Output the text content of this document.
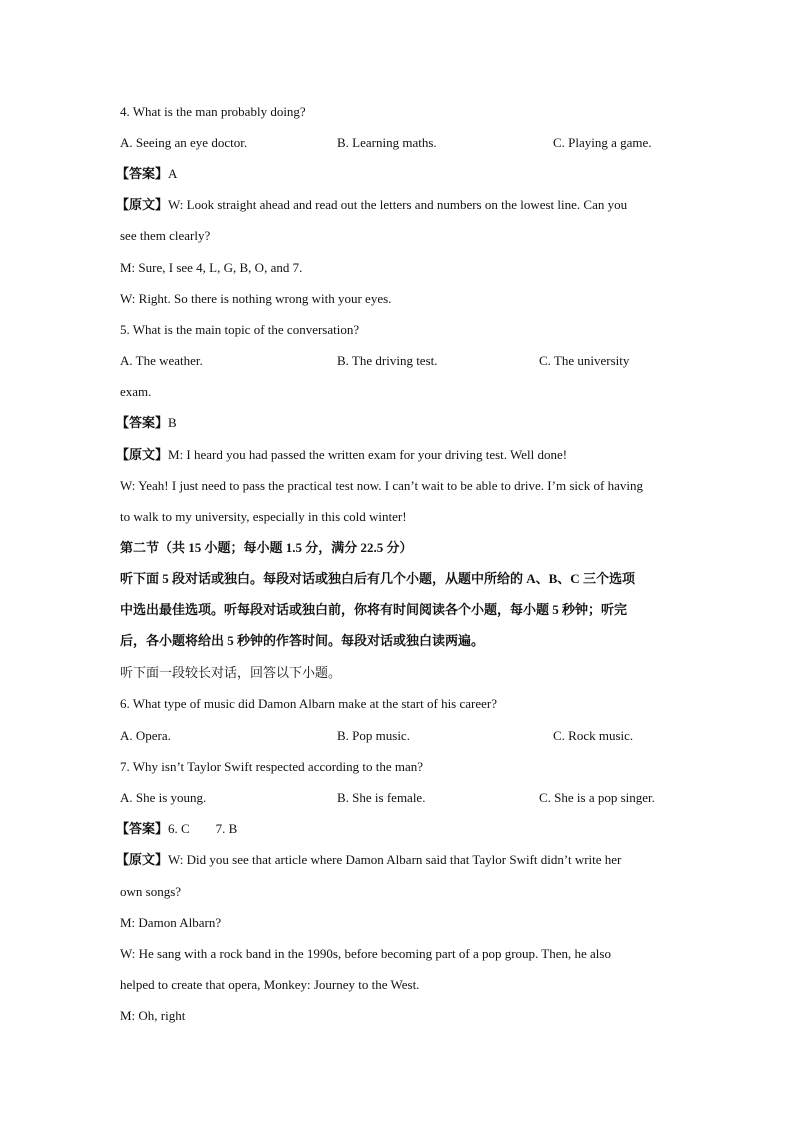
4. What is the man probably doing?

A. Seeing an eye doctor.	B. Learning maths.	C. Playing a game.

【答案】A

【原文】W: Look straight ahead and read out the letters and numbers on the lowest line. Can you

see them clearly?

M: Sure, I see 4, L, G, B, O, and 7.

W: Right. So there is nothing wrong with your eyes.

5. What is the main topic of the conversation?

A. The weather.	B. The driving test.	C. The university

exam.

【答案】B

【原文】M: I heard you had passed the written exam for your driving test. Well done!

W: Yeah! I just need to pass the practical test now. I can’t wait to be able to drive. I’m sick of having

to walk to my university, especially in this cold winter!

第二节（共 15 小题；每小题 1.5 分，满分 22.5 分）

听下面 5 段对话或独白。每段对话或独白后有几个小题，从题中所给的 A、B、C 三个选项

中选出最佳选项。听每段对话或独白前，你将有时间阅读各个小题，每小题 5 秒钟；听完

后，各小题将给出 5 秒钟的作答时间。每段对话或独白读两遍。

听下面一段较长对话，回答以下小题。

6. What type of music did Damon Albarn make at the start of his career?

A. Opera.	B. Pop music.	C. Rock music.

7. Why isn’t Taylor Swift respected according to the man?

A. She is young.	B. She is female.	C. She is a pop singer.

【答案】6. C        7. B

【原文】W: Did you see that article where Damon Albarn said that Taylor Swift didn’t write her

own songs?

M: Damon Albarn?

W: He sang with a rock band in the 1990s, before becoming part of a pop group. Then, he also

helped to create that opera, Monkey: Journey to the West.

M: Oh, right
